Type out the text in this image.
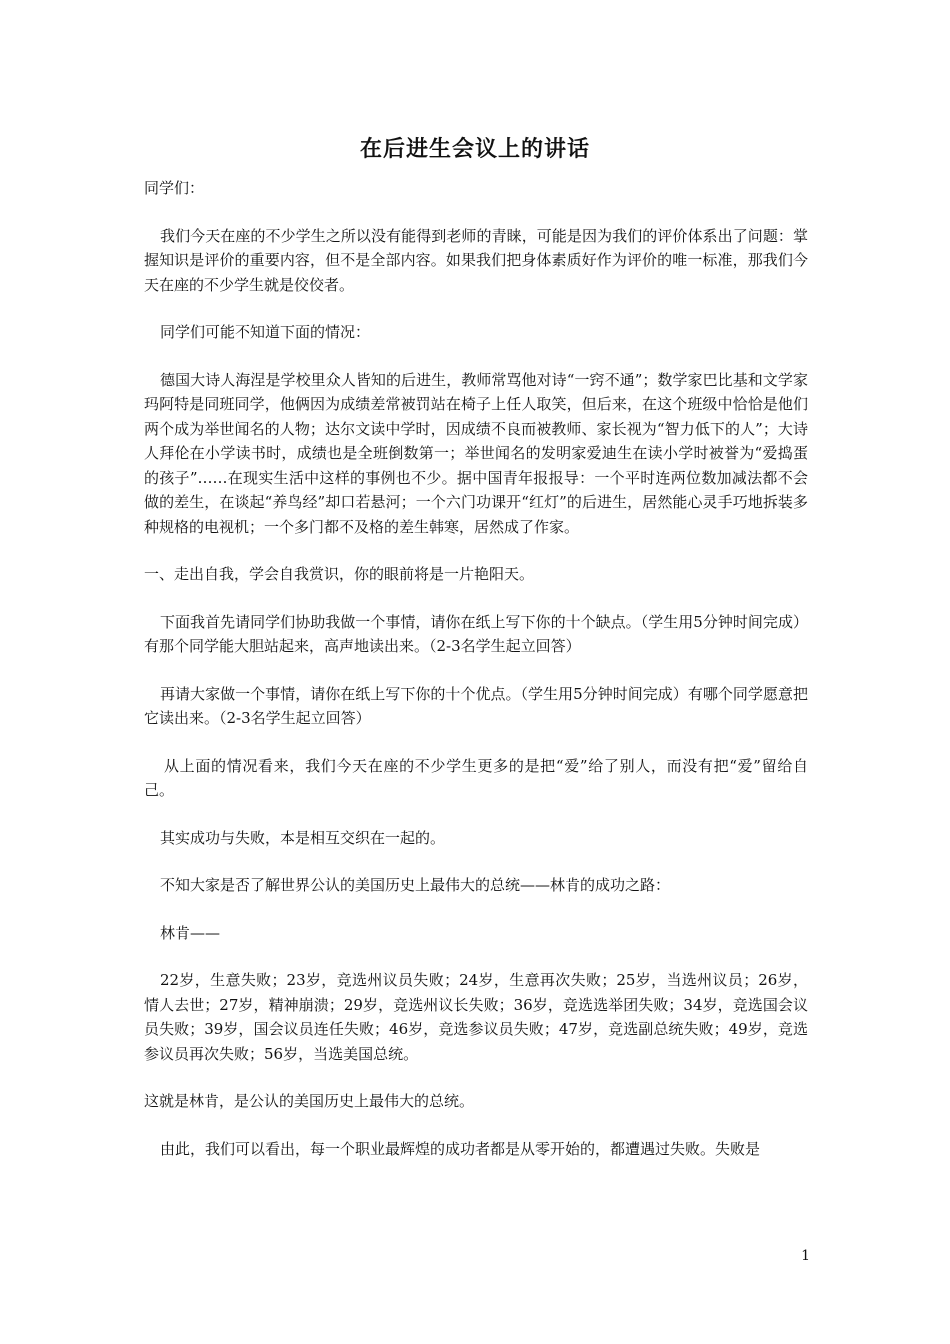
在后进生会议上的讲话

同学们：

我们今天在座的不少学生之所以没有能得到老师的青睐，可能是因为我们的评价体系出了问题：掌握知识是评价的重要内容，但不是全部内容。如果我们把身体素质好作为评价的唯一标准，那我们今天在座的不少学生就是佼佼者。

同学们可能不知道下面的情况：

德国大诗人海涅是学校里众人皆知的后进生，教师常骂他对诗“一窍不通”；数学家巴比基和文学家玛阿特是同班同学，他俩因为成绩差常被罚站在椅子上任人取笑，但后来，在这个班级中恰恰是他们两个成为举世闻名的人物；达尔文读中学时，因成绩不良而被教师、家长视为“智力低下的人”；大诗人拜伦在小学读书时，成绩也是全班倒数第一；举世闻名的发明家爱迪生在读小学时被誉为“爱捣蛋的孩子”……在现实生活中这样的事例也不少。据中国青年报报导：一个平时连两位数加减法都不会做的差生，在谈起“养鸟经”却口若悬河；一个六门功课开“红灯”的后进生，居然能心灵手巧地拆装多种规格的电视机；一个多门都不及格的差生韩寒，居然成了作家。

一、走出自我，学会自我赏识，你的眼前将是一片艳阳天。

下面我首先请同学们协助我做一个事情，请你在纸上写下你的十个缺点。（学生用5分钟时间完成）有那个同学能大胆站起来，高声地读出来。（2-3名学生起立回答）

再请大家做一个事情，请你在纸上写下你的十个优点。（学生用5分钟时间完成）有哪个同学愿意把它读出来。（2-3名学生起立回答）

从上面的情况看来，我们今天在座的不少学生更多的是把“爱”给了别人，而没有把“爱”留给自己。

其实成功与失败，本是相互交织在一起的。

不知大家是否了解世界公认的美国历史上最伟大的总统——林肯的成功之路：

林肯——

22岁，生意失败；23岁，竞选州议员失败；24岁，生意再次失败；25岁，当选州议员；26岁，情人去世；27岁，精神崩溃；29岁，竞选州议长失败；36岁，竞选选举团失败；34岁，竞选国会议员失败；39岁，国会议员连任失败；46岁，竞选参议员失败；47岁，竞选副总统失败；49岁，竞选参议员再次失败；56岁，当选美国总统。

这就是林肯，是公认的美国历史上最伟大的总统。

由此，我们可以看出，每一个职业最辉煌的成功者都是从零开始的，都遭遇过失败。失败是

1
